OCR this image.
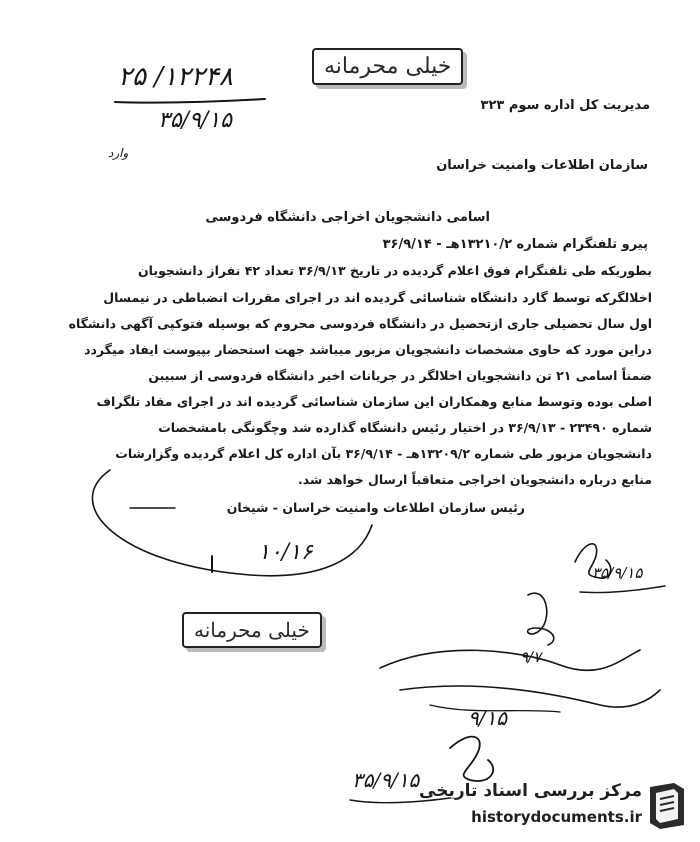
خیلی محرمانه
۱۲۲۴۸/ ۲۵
۳۵/۹/۱۵
وارد
مدیریت کل اداره سوم ۳۲۳
سازمان اطلاعات وامنیت خراسان
اسامی دانشجویان اخراجی دانشگاه فردوسی
پیرو تلفنگرام شماره ۱۳۲۱۰/۲هـ - ۳۶/۹/۱۴
بطوریکه طی تلفنگرام فوق اعلام گردیده در تاریخ ۳۶/۹/۱۳ تعداد ۴۲ نفراز دانشجویان
اخلالگرکه توسط گارد دانشگاه شناسائی گردیده اند در اجرای مقررات انضباطی در نیمسال
اول سال تحصیلی جاری ازتحصیل در دانشگاه فردوسی محروم که بوسیله فتوکپی آگهی دانشگاه
دراین مورد که حاوی مشخصات دانشجویان مزبور میباشد جهت استحضار بپیوست ایفاد میگردد
ضمناً اسامی ۲۱ تن دانشجویان اخلالگر در جریانات اخیر دانشگاه فردوسی از سبیبن
اصلی بوده وتوسط منابع وهمکاران این سازمان شناسائی گردیده اند در اجرای مفاد تلگراف
شماره ۲۳۴۹۰ - ۳۶/۹/۱۳ در اختیار رئیس دانشگاه گذارده شد وچگونگی بامشخصات
دانشجویان مزبور طی شماره ۱۳۲۰۹/۲هـ - ۳۶/۹/۱۴ بآن اداره کل اعلام گردیده وگزارشات
منابع درباره دانشجویان اخراجی متعاقباً ارسال خواهد شد.
رئیس سازمان اطلاعات وامنیت خراسان - شیخان
۱۰/۱۶
۳۵/۹/۱۵
۹/۷
۹/۱۵
۳۵/۹/۱۵
خیلی محرمانه
مرکز بررسی اسناد تاریخی
historydocuments.ir
